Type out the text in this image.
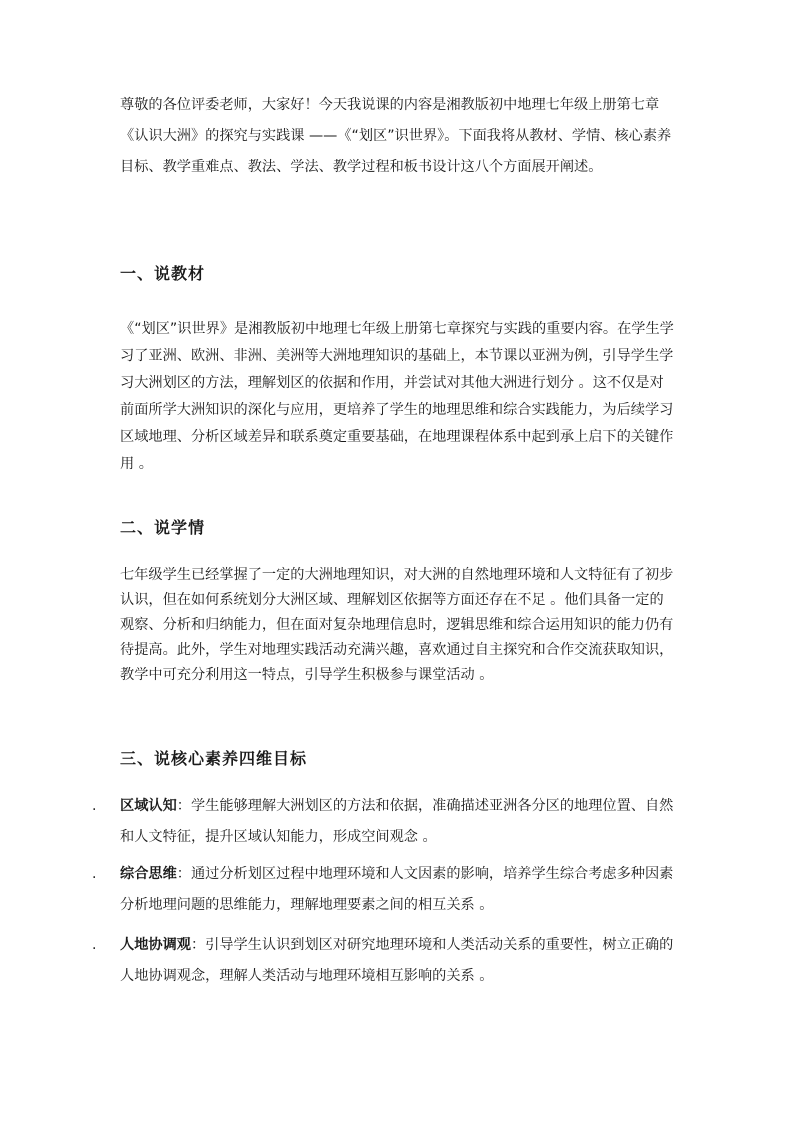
尊敬的各位评委老师，大家好！今天我说课的内容是湘教版初中地理七年级上册第七章《认识大洲》的探究与实践课 ——《“划区”识世界》。下面我将从教材、学情、核心素养目标、教学重难点、教法、学法、教学过程和板书设计这八个方面展开阐述。

一、说教材

《“划区”识世界》是湘教版初中地理七年级上册第七章探究与实践的重要内容。在学生学习了亚洲、欧洲、非洲、美洲等大洲地理知识的基础上，本节课以亚洲为例，引导学生学习大洲划区的方法，理解划区的依据和作用，并尝试对其他大洲进行划分 。这不仅是对前面所学大洲知识的深化与应用，更培养了学生的地理思维和综合实践能力，为后续学习区域地理、分析区域差异和联系奠定重要基础，在地理课程体系中起到承上启下的关键作用 。

二、说学情

七年级学生已经掌握了一定的大洲地理知识，对大洲的自然地理环境和人文特征有了初步认识，但在如何系统划分大洲区域、理解划区依据等方面还存在不足 。他们具备一定的观察、分析和归纳能力，但在面对复杂地理信息时，逻辑思维和综合运用知识的能力仍有待提高。此外，学生对地理实践活动充满兴趣，喜欢通过自主探究和合作交流获取知识，教学中可充分利用这一特点，引导学生积极参与课堂活动 。

三、说核心素养四维目标
. 区域认知：学生能够理解大洲划区的方法和依据，准确描述亚洲各分区的地理位置、自然和人文特征，提升区域认知能力，形成空间观念 。

. 综合思维：通过分析划区过程中地理环境和人文因素的影响，培养学生综合考虑多种因素分析地理问题的思维能力，理解地理要素之间的相互关系 。

. 人地协调观：引导学生认识到划区对研究地理环境和人类活动关系的重要性，树立正确的人地协调观念，理解人类活动与地理环境相互影响的关系 。
